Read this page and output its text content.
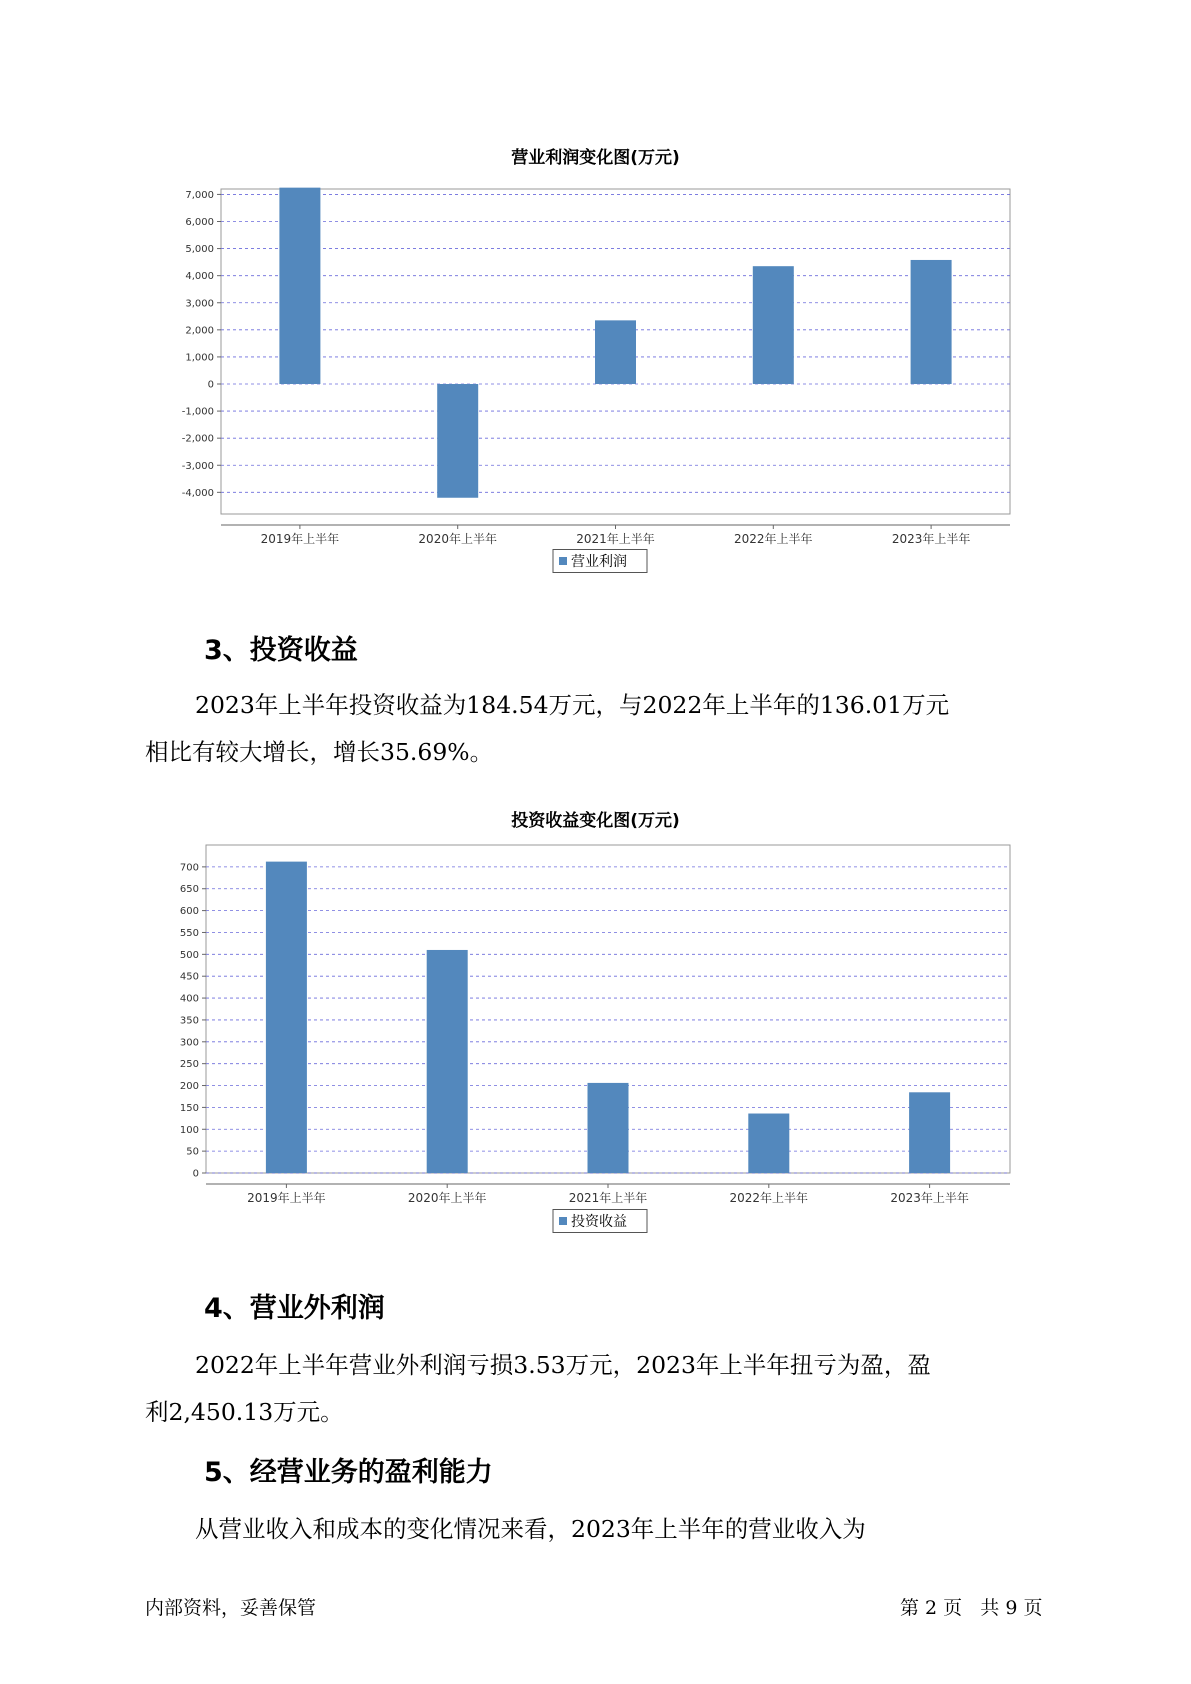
营业利润变化图(万元)
7,000
6,000
5,000
4,000
3,000
2,000
1,000
0
-1,000
-2,000
-3,000
-4,000
2019年上半年	2020年上半年	2021年上半年	2022年上半年	2023年上半年
营业利润
3、投资收益
2023年上半年投资收益为184.54万元，与2022年上半年的136.01万元
相比有较大增长，增长35.69%。
投资收益变化图(万元)
700
650
600
550
500
450
400
350
300
250
200
150
100
50
0
2019年上半年	2020年上半年	2021年上半年	2022年上半年	2023年上半年
投资收益
4、营业外利润
2022年上半年营业外利润亏损3.53万元，2023年上半年扭亏为盈，盈
利2,450.13万元。
5、经营业务的盈利能力
从营业收入和成本的变化情况来看，2023年上半年的营业收入为
内部资料，妥善保管	第 2 页   共 9 页
